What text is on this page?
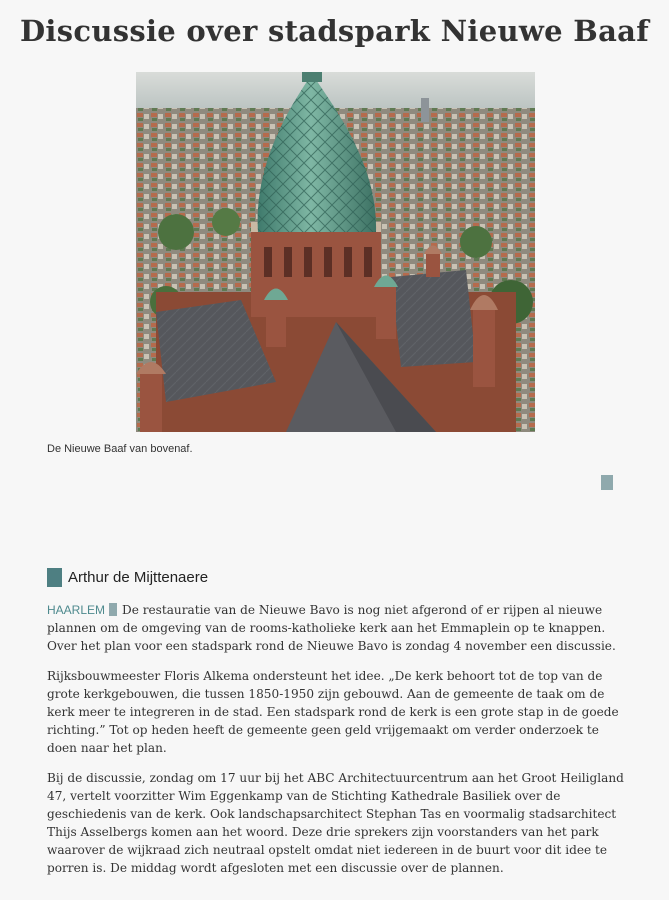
Discussie over stadspark Nieuwe Baaf
De Nieuwe Baaf van bovenaf.
Arthur de Mijttenaere

HAARLEM De restauratie van de Nieuwe Bavo is nog niet afgerond of er rijpen al nieuwe plannen om de omgeving van de rooms-katholieke kerk aan het Emmaplein op te knappen. Over het plan voor een stadspark rond de Nieuwe Bavo is zondag 4 november een discussie.

Rijksbouwmeester Floris Alkema ondersteunt het idee. „De kerk behoort tot de top van de grote kerkgebouwen, die tussen 1850-1950 zijn gebouwd. Aan de gemeente de taak om de kerk meer te integreren in de stad. Een stadspark rond de kerk is een grote stap in de goede richting.” Tot op heden heeft de gemeente geen geld vrijgemaakt om verder onderzoek te doen naar het plan.

Bij de discussie, zondag om 17 uur bij het ABC Architectuurcentrum aan het Groot Heiligland 47, vertelt voorzitter Wim Eggenkamp van de Stichting Kathedrale Basiliek over de geschiedenis van de kerk. Ook landschapsarchitect Stephan Tas en voormalig stadsarchitect Thijs Asselbergs komen aan het woord. Deze drie sprekers zijn voorstanders van het park waarover de wijkraad zich neutraal opstelt omdat niet iedereen in de buurt voor dit idee te porren is. De middag wordt afgesloten met een discussie over de plannen.
